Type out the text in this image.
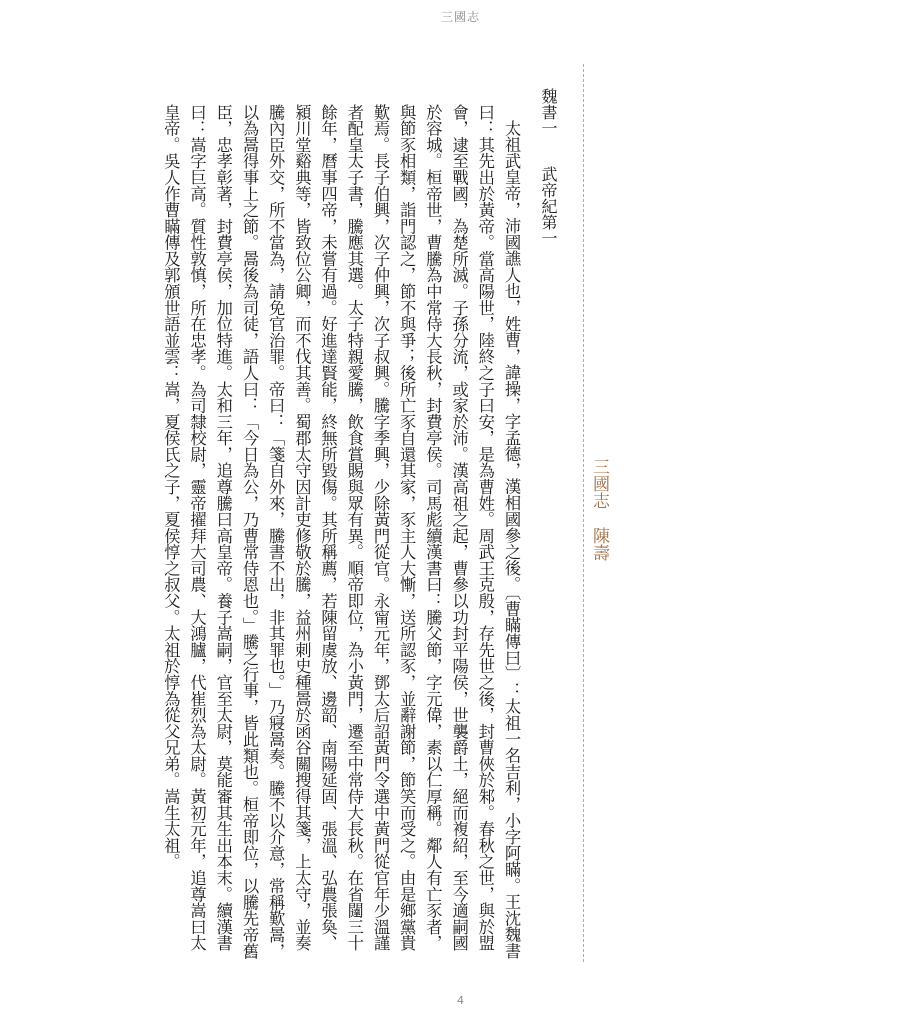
三國志
三國志陳壽
魏書一武帝紀第一

太祖武皇帝，沛國譙人也，姓曹，諱操，字孟德，漢相國參之後。〔曹瞞傳曰〕：太祖一名吉利，小字阿瞞。王沈魏書曰：其先出於黃帝。當高陽世，陸終之子曰安，是為曹姓。周武王克殷，存先世之後，封曹俠於邾。春秋之世，與於盟會，逮至戰國，為楚所滅。子孫分流，或家於沛。漢高祖之起，曹參以功封平陽侯，世襲爵土，絕而複紹，至今適嗣國於容城。桓帝世，曹騰為中常侍大長秋，封費亭侯。司馬彪續漢書曰：騰父節，字元偉，素以仁厚稱。鄰人有亡豕者，與節豕相類，詣門認之，節不與爭；後所亡豕自還其家，豕主人大慚，送所認豕，並辭謝節，節笑而受之。由是鄉黨貴歎焉。長子伯興，次子仲興，次子叔興。騰字季興，少除黃門從官。永甯元年，鄧太后詔黃門令選中黃門從官年少溫謹者配皇太子書，騰應其選。太子特親愛騰，飲食賞賜與眾有異。順帝即位，為小黃門，遷至中常侍大長秋。在省闥三十餘年，曆事四帝，未嘗有過。好進達賢能，終無所毀傷。其所稱薦，若陳留虞放、邊韶、南陽延固、張溫、弘農張奐、潁川堂谿典等，皆致位公卿，而不伐其善。蜀郡太守因計吏修敬於騰，益州刺史種暠於函谷關搜得其箋，上太守，並奏騰內臣外交，所不當為，請免官治罪。帝曰：「箋自外來，騰書不出，非其罪也。」乃寢暠奏。騰不以介意，常稱歎暠，以為暠得事上之節。暠後為司徒，語人曰：「今日為公，乃曹常侍恩也。」騰之行事，皆此類也。桓帝即位，以騰先帝舊臣，忠孝彰著，封費亭侯，加位特進。太和三年，追尊騰曰高皇帝。養子嵩嗣，官至太尉，莫能審其生出本末。續漢書曰：嵩字巨高。質性敦慎，所在忠孝。為司隸校尉，靈帝擢拜大司農、大鴻臚，代崔烈為太尉。黃初元年，追尊嵩曰太皇帝。吳人作曹瞞傳及郭頒世語並雲：嵩，夏侯氏之子，夏侯惇之叔父。太祖於惇為從父兄弟。嵩生太祖。

4
